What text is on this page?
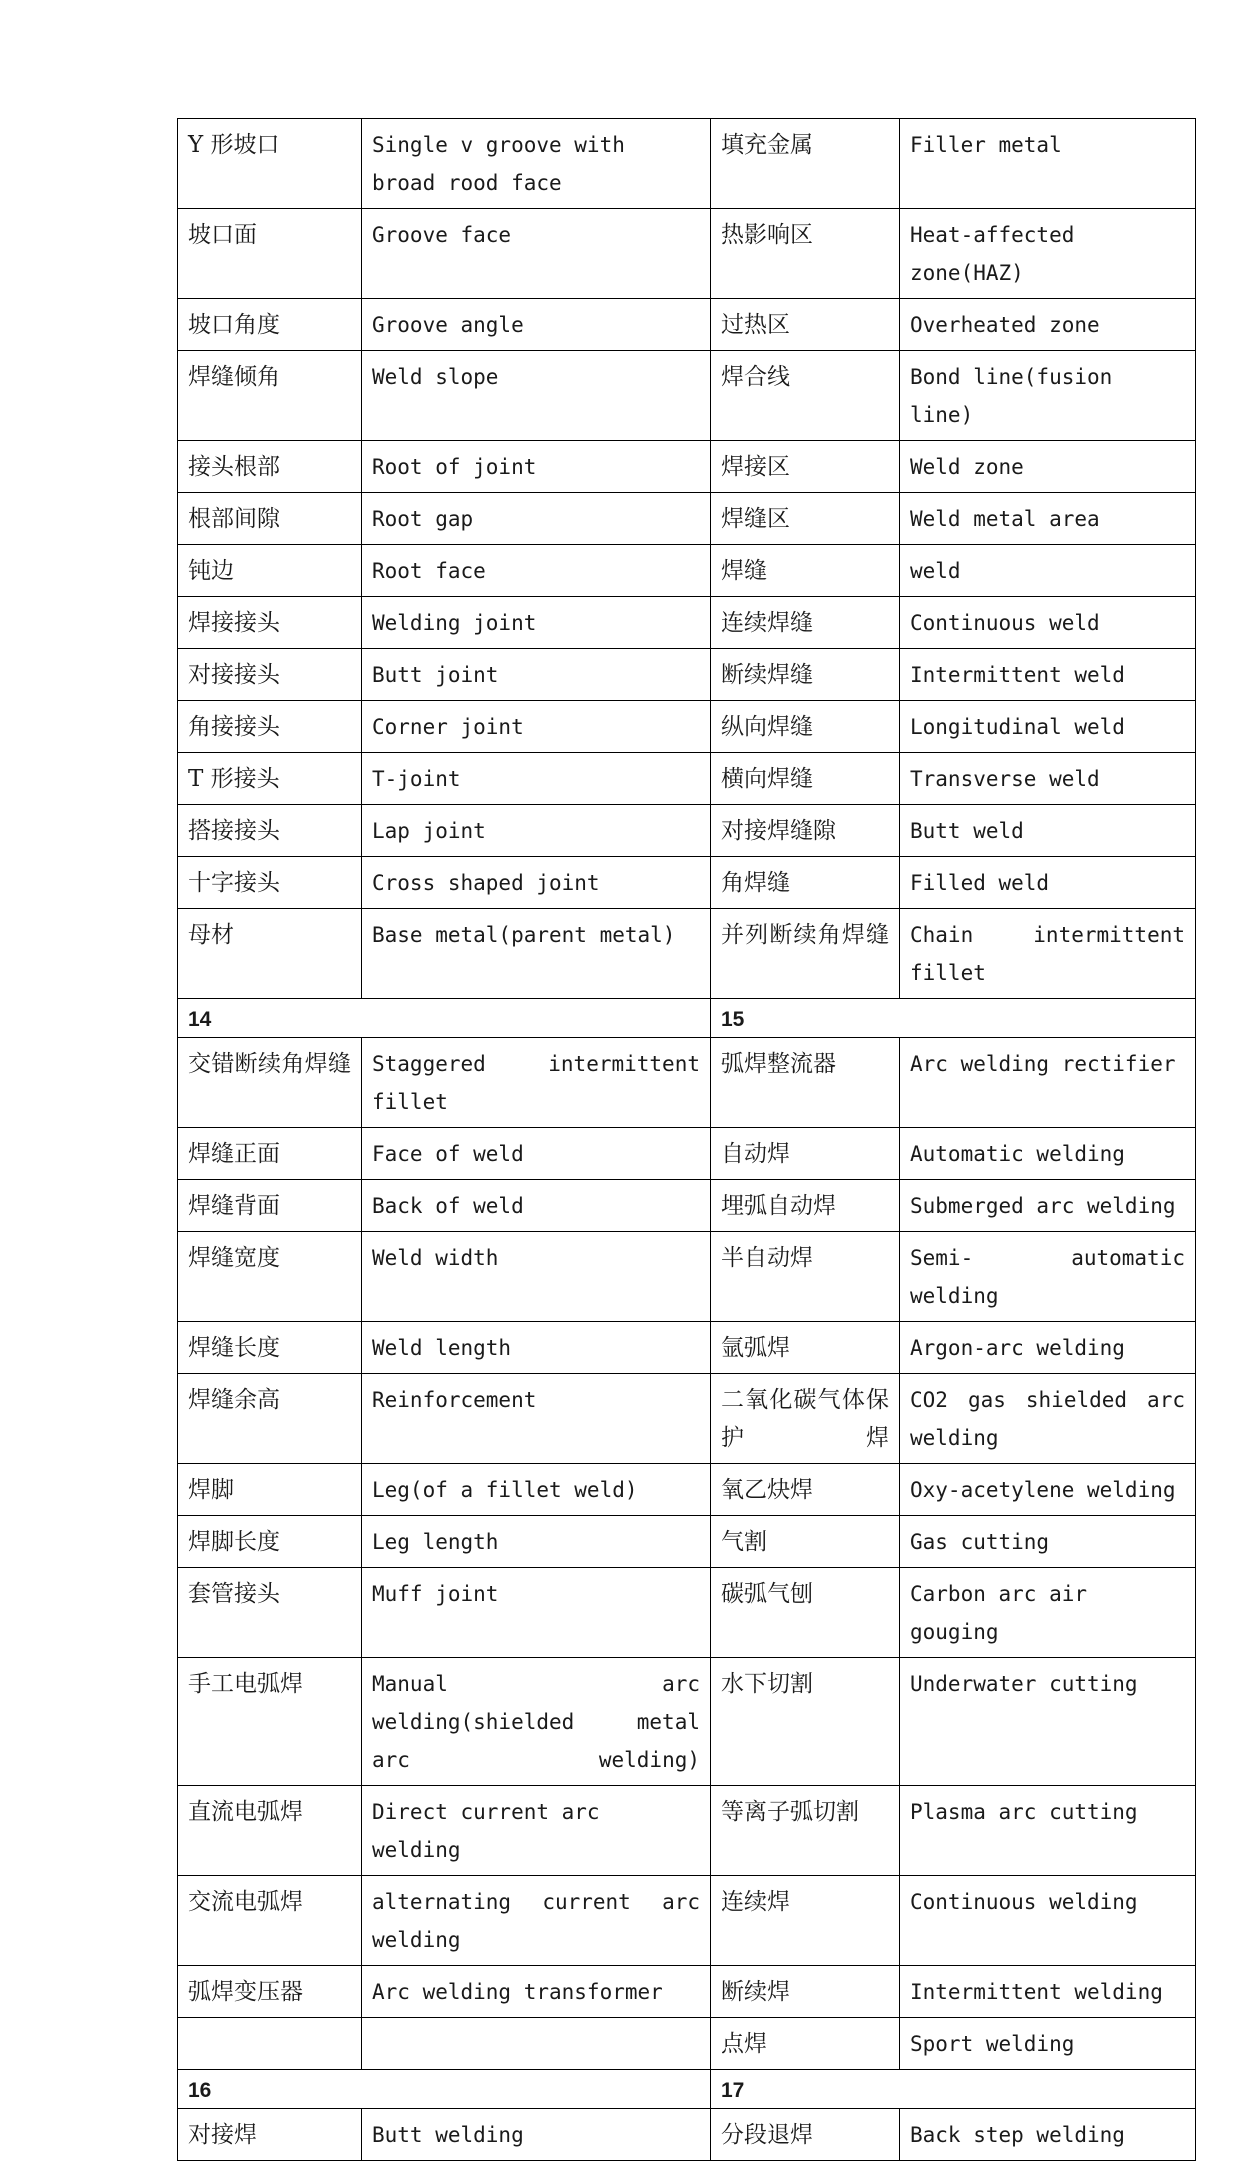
Y 形坡口	Single v groove with broad rood face	填充金属	Filler metal
坡口面	Groove face	热影响区	Heat-affected zone(HAZ)
坡口角度	Groove angle	过热区	Overheated zone
焊缝倾角	Weld slope	焊合线	Bond line(fusion line)
接头根部	Root of joint	焊接区	Weld zone
根部间隙	Root gap	焊缝区	Weld metal area
钝边	Root face	焊缝	weld
焊接接头	Welding joint	连续焊缝	Continuous weld
对接接头	Butt joint	断续焊缝	Intermittent weld
角接接头	Corner joint	纵向焊缝	Longitudinal weld
T 形接头	T-joint	横向焊缝	Transverse weld
搭接接头	Lap joint	对接焊缝隙	Butt weld
十字接头	Cross shaped joint	角焊缝	Filled weld
母材	Base metal(parent metal)	并列断续角焊缝	Chain intermittent fillet
14		15	
交错断续角焊缝	Staggered intermittent fillet	弧焊整流器	Arc welding rectifier
焊缝正面	Face of weld	自动焊	Automatic welding
焊缝背面	Back of weld	埋弧自动焊	Submerged arc welding
焊缝宽度	Weld width	半自动焊	Semi- automatic welding
焊缝长度	Weld length	氩弧焊	Argon-arc welding
焊缝余高	Reinforcement	二氧化碳气体保护焊	CO2 gas shielded arc welding
焊脚	Leg(of a fillet weld)	氧乙炔焊	Oxy-acetylene welding
焊脚长度	Leg length	气割	Gas cutting
套管接头	Muff joint	碳弧气刨	Carbon arc air gouging
手工电弧焊	Manual arc welding(shielded metal arc welding)	水下切割	Underwater cutting
直流电弧焊	Direct current arc welding	等离子弧切割	Plasma arc cutting
交流电弧焊	alternating current arc welding	连续焊	Continuous welding
弧焊变压器	Arc welding transformer	断续焊	Intermittent welding
		点焊	Sport welding
16		17	
对接焊	Butt welding	分段退焊	Back step welding
